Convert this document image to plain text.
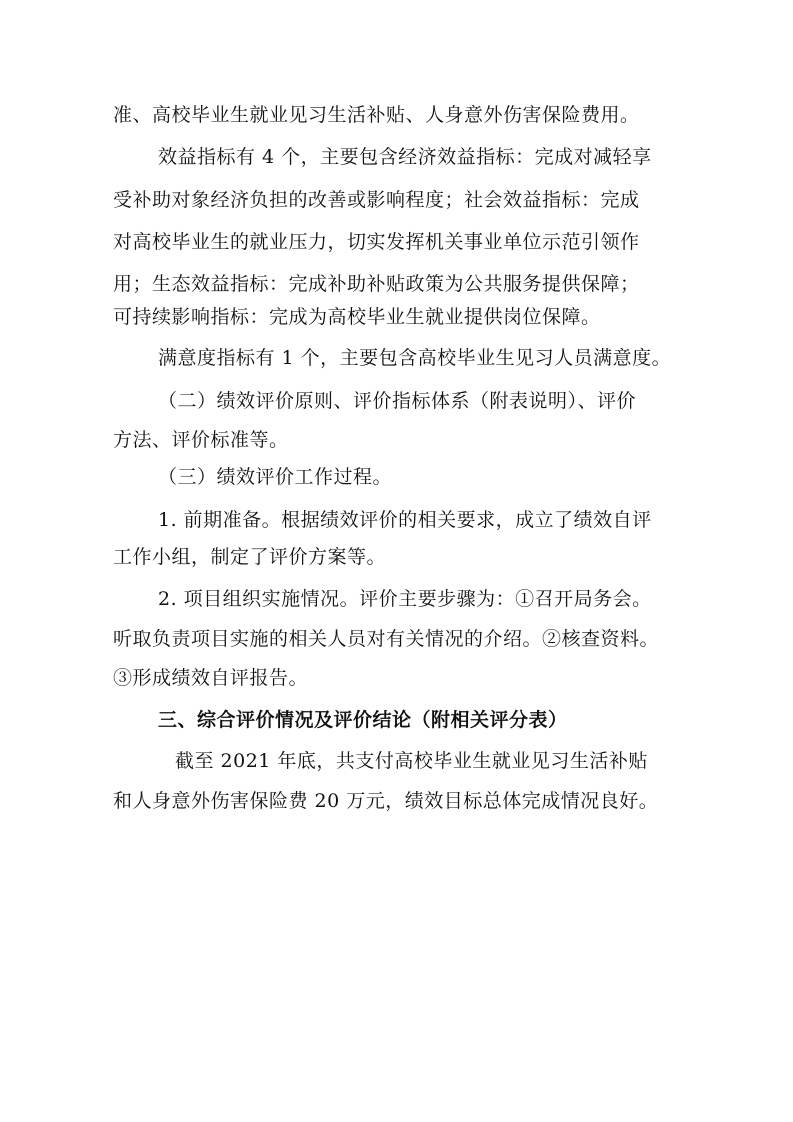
准、高校毕业生就业见习生活补贴、人身意外伤害保险费用。
效益指标有 4 个，主要包含经济效益指标：完成对减轻享
受补助对象经济负担的改善或影响程度；社会效益指标：完成
对高校毕业生的就业压力，切实发挥机关事业单位示范引领作
用；生态效益指标：完成补助补贴政策为公共服务提供保障；
可持续影响指标：完成为高校毕业生就业提供岗位保障。
满意度指标有 1 个，主要包含高校毕业生见习人员满意度。
（二）绩效评价原则、评价指标体系（附表说明）、评价
方法、评价标准等。
（三）绩效评价工作过程。
1. 前期准备。根据绩效评价的相关要求，成立了绩效自评
工作小组，制定了评价方案等。
2. 项目组织实施情况。评价主要步骤为：①召开局务会。
听取负责项目实施的相关人员对有关情况的介绍。②核查资料。
③形成绩效自评报告。
三、综合评价情况及评价结论（附相关评分表）
截至 2021 年底，共支付高校毕业生就业见习生活补贴
和人身意外伤害保险费 20 万元，绩效目标总体完成情况良好。
